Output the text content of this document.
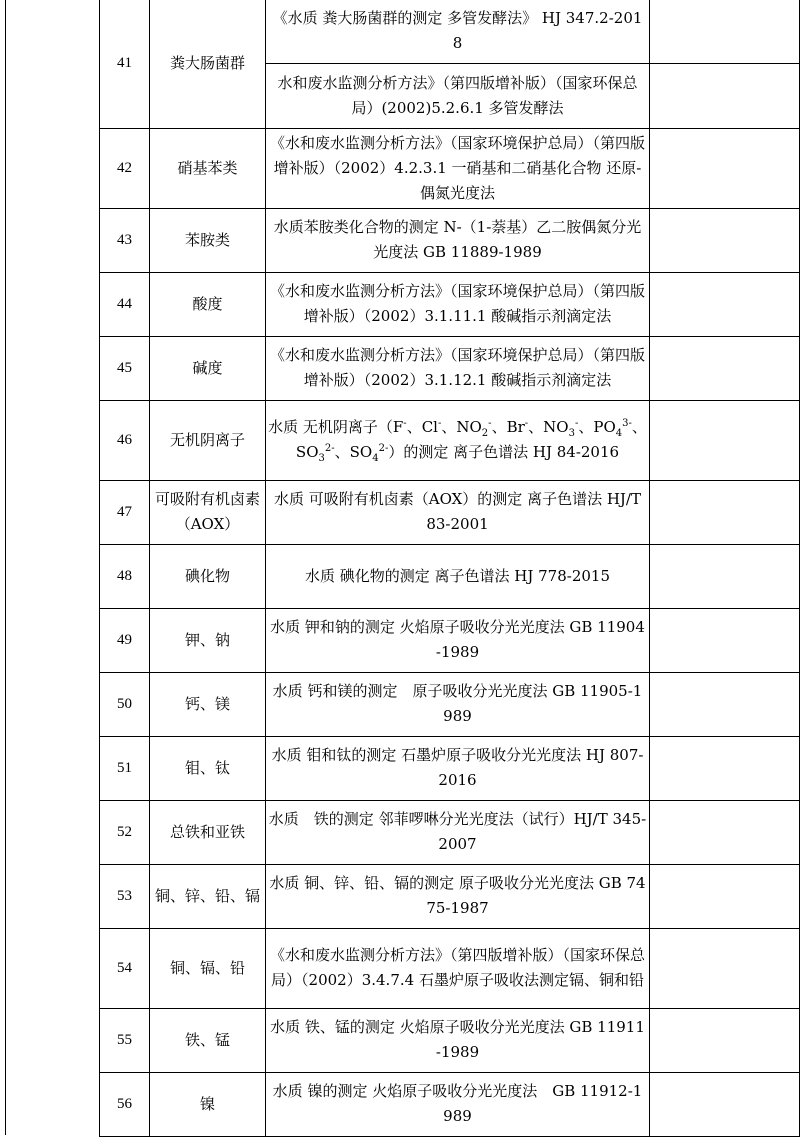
41	粪大肠菌群	《水质 粪大肠菌群的测定 多管发酵法》 HJ 347.2-2018	
		水和废水监测分析方法》（第四版增补版）（国家环保总局）(2002)5.2.6.1 多管发酵法	
42	硝基苯类	《水和废水监测分析方法》（国家环境保护总局）（第四版增补版）（2002）4.2.3.1 一硝基和二硝基化合物 还原-偶氮光度法	
43	苯胺类	水质苯胺类化合物的测定 N-（1-萘基）乙二胺偶氮分光光度法 GB 11889-1989	
44	酸度	《水和废水监测分析方法》（国家环境保护总局）（第四版增补版）（2002）3.1.11.1 酸碱指示剂滴定法	
45	碱度	《水和废水监测分析方法》（国家环境保护总局）（第四版增补版）（2002）3.1.12.1 酸碱指示剂滴定法	
46	无机阴离子	水质 无机阴离子（F-、Cl-、$NO_2^-$、Br-、$NO_3^-$、$PO_4^{3-}$、$SO_3^{2-}$、$SO_4^{2-}$）的测定 离子色谱法 HJ 84-2016	
47	可吸附有机卤素（AOX）	水质 可吸附有机卤素（AOX）的测定 离子色谱法 HJ/T 83-2001	
48	碘化物	水质 碘化物的测定 离子色谱法 HJ 778-2015	
49	钾、钠	水质 钾和钠的测定 火焰原子吸收分光光度法 GB 11904-1989	
50	钙、镁	水质 钙和镁的测定　原子吸收分光光度法 GB 11905-1989	
51	钼、钛	水质 钼和钛的测定 石墨炉原子吸收分光光度法 HJ 807-2016	
52	总铁和亚铁	水质　铁的测定 邻菲啰啉分光光度法（试行）HJ/T 345-2007	
53	铜、锌、铅、镉	水质 铜、锌、铅、镉的测定 原子吸收分光光度法 GB 7475-1987	
54	铜、镉、铅	《水和废水监测分析方法》（第四版增补版）（国家环保总局）（2002）3.4.7.4 石墨炉原子吸收法测定镉、铜和铅	
55	铁、锰	水质 铁、锰的测定 火焰原子吸收分光光度法 GB 11911-1989	
56	镍	水质 镍的测定 火焰原子吸收分光光度法　GB 11912-1989	
